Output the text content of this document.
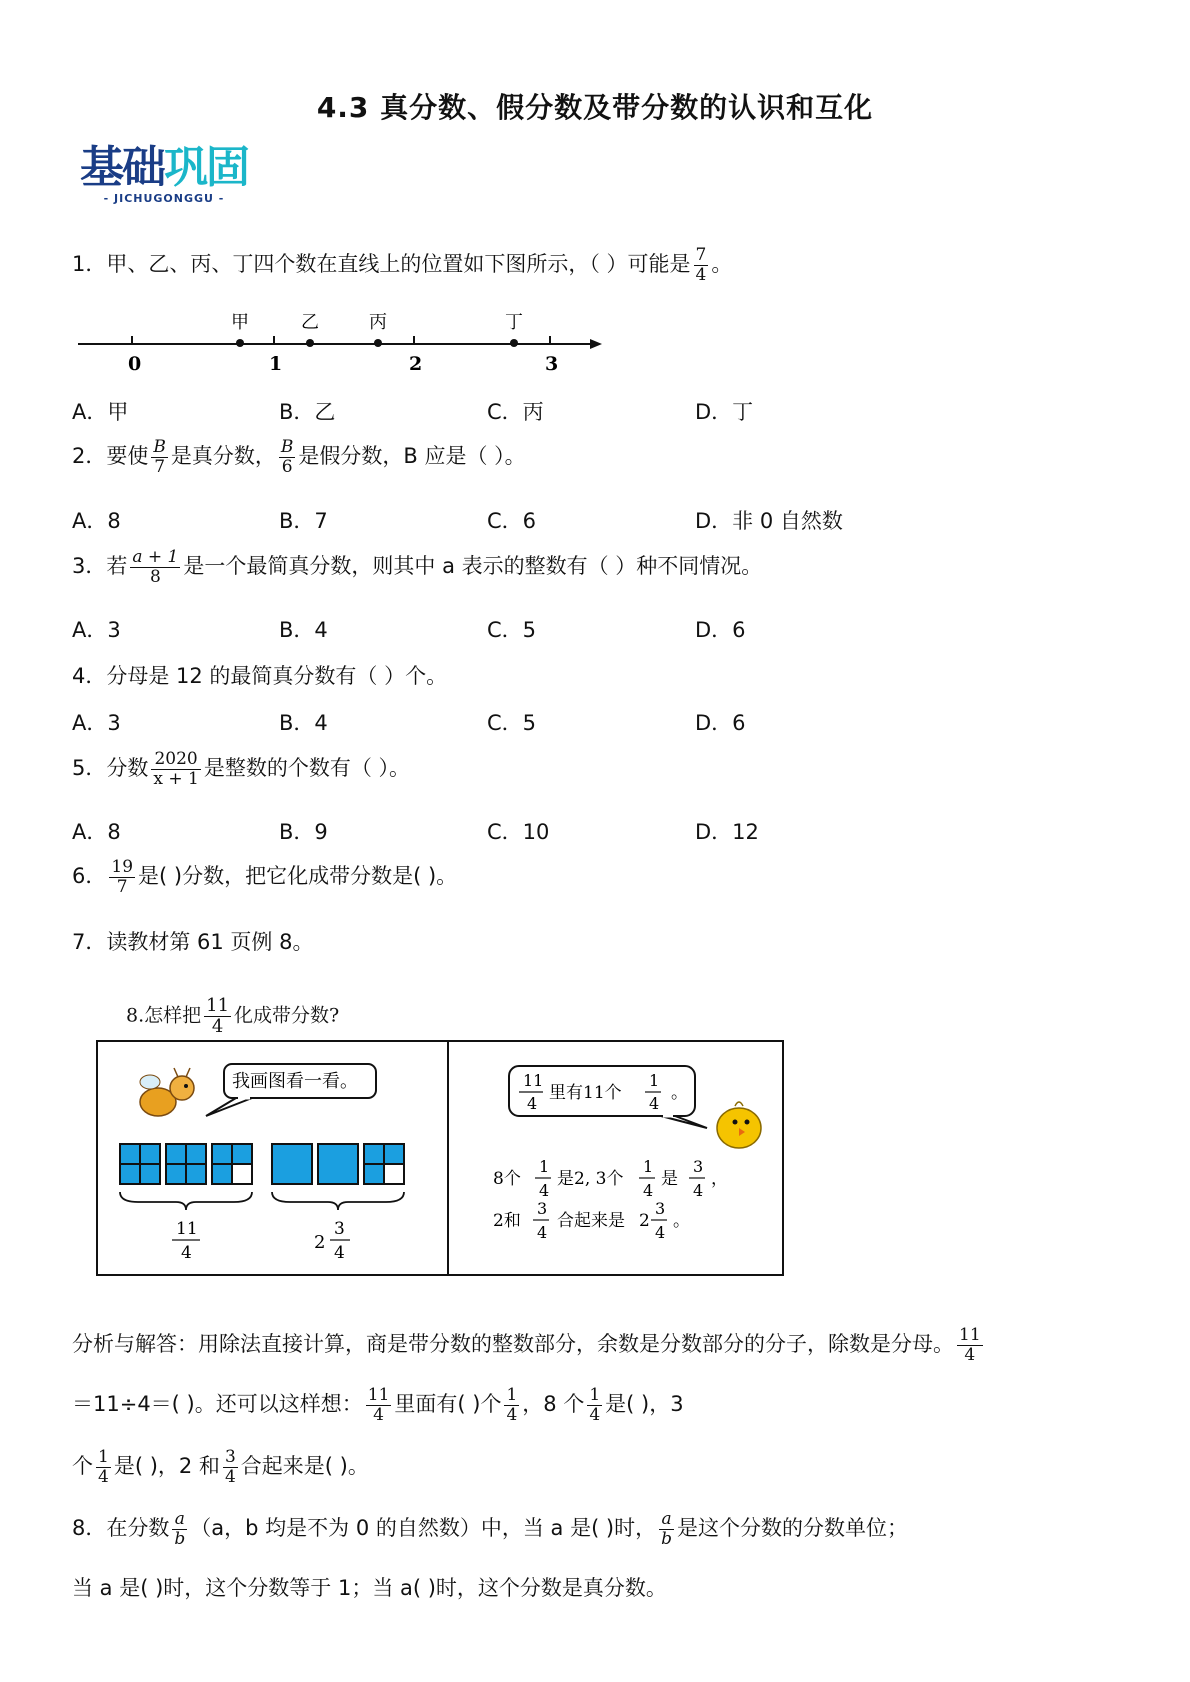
4.3 真分数、假分数及带分数的认识和互化
基础巩固
- JICHUGONGGU -
1．甲、乙、丙、丁四个数在直线上的位置如下图所示，（ ）可能是 $\frac{7}{4}$ 。
0	1	2	3
甲	乙	丙	丁
A．甲	B．乙	C．丙	D．丁
2．要使 $\frac{B}{7}$ 是真分数， $\frac{B}{6}$ 是假分数，B 应是（ ）。
A．8	B．7	C．6	D．非 0 自然数
3．若 $\frac{a + 1}{8}$ 是一个最简真分数，则其中 a 表示的整数有（ ）种不同情况。
A．3	B．4	C．5	D．6
4．分母是 12 的最简真分数有（ ）个。
A．3	B．4	C．5	D．6
5．分数 $\frac{2020}{x + 1}$ 是整数的个数有（ ）。
A．8	B．9	C．10	D．12
6． $\frac{19}{7}$ 是( )分数，把它化成带分数是( )。
7．读教材第 61 页例 8。
8.怎样把 $\frac{11}{4}$ 化成带分数?
我画图看一看。
11
4	2
3
4
11
4
里有11个
1
4
。
8个
1
4
是2, 3个
1
4
是
3
4
，
2和
3
4
合起来是 2
3
4
。
分析与解答：用除法直接计算，商是带分数的整数部分，余数是分数部分的分子，除数是分母。 $\frac{11}{4}$
＝11÷4＝( )。还可以这样想： $\frac{11}{4}$ 里面有( )个 $\frac{1}{4}$ ，8 个 $\frac{1}{4}$ 是( )，3
个 $\frac{1}{4}$ 是( )，2 和 $\frac{3}{4}$ 合起来是( )。
8．在分数 $\frac{a}{b} (a$，b 均是不为 0 的自然数）中，当 a 是( )时， $\frac{a}{b}$ 是这个分数的分数单位；
当 a 是( )时，这个分数等于 1；当 a( )时，这个分数是真分数。
